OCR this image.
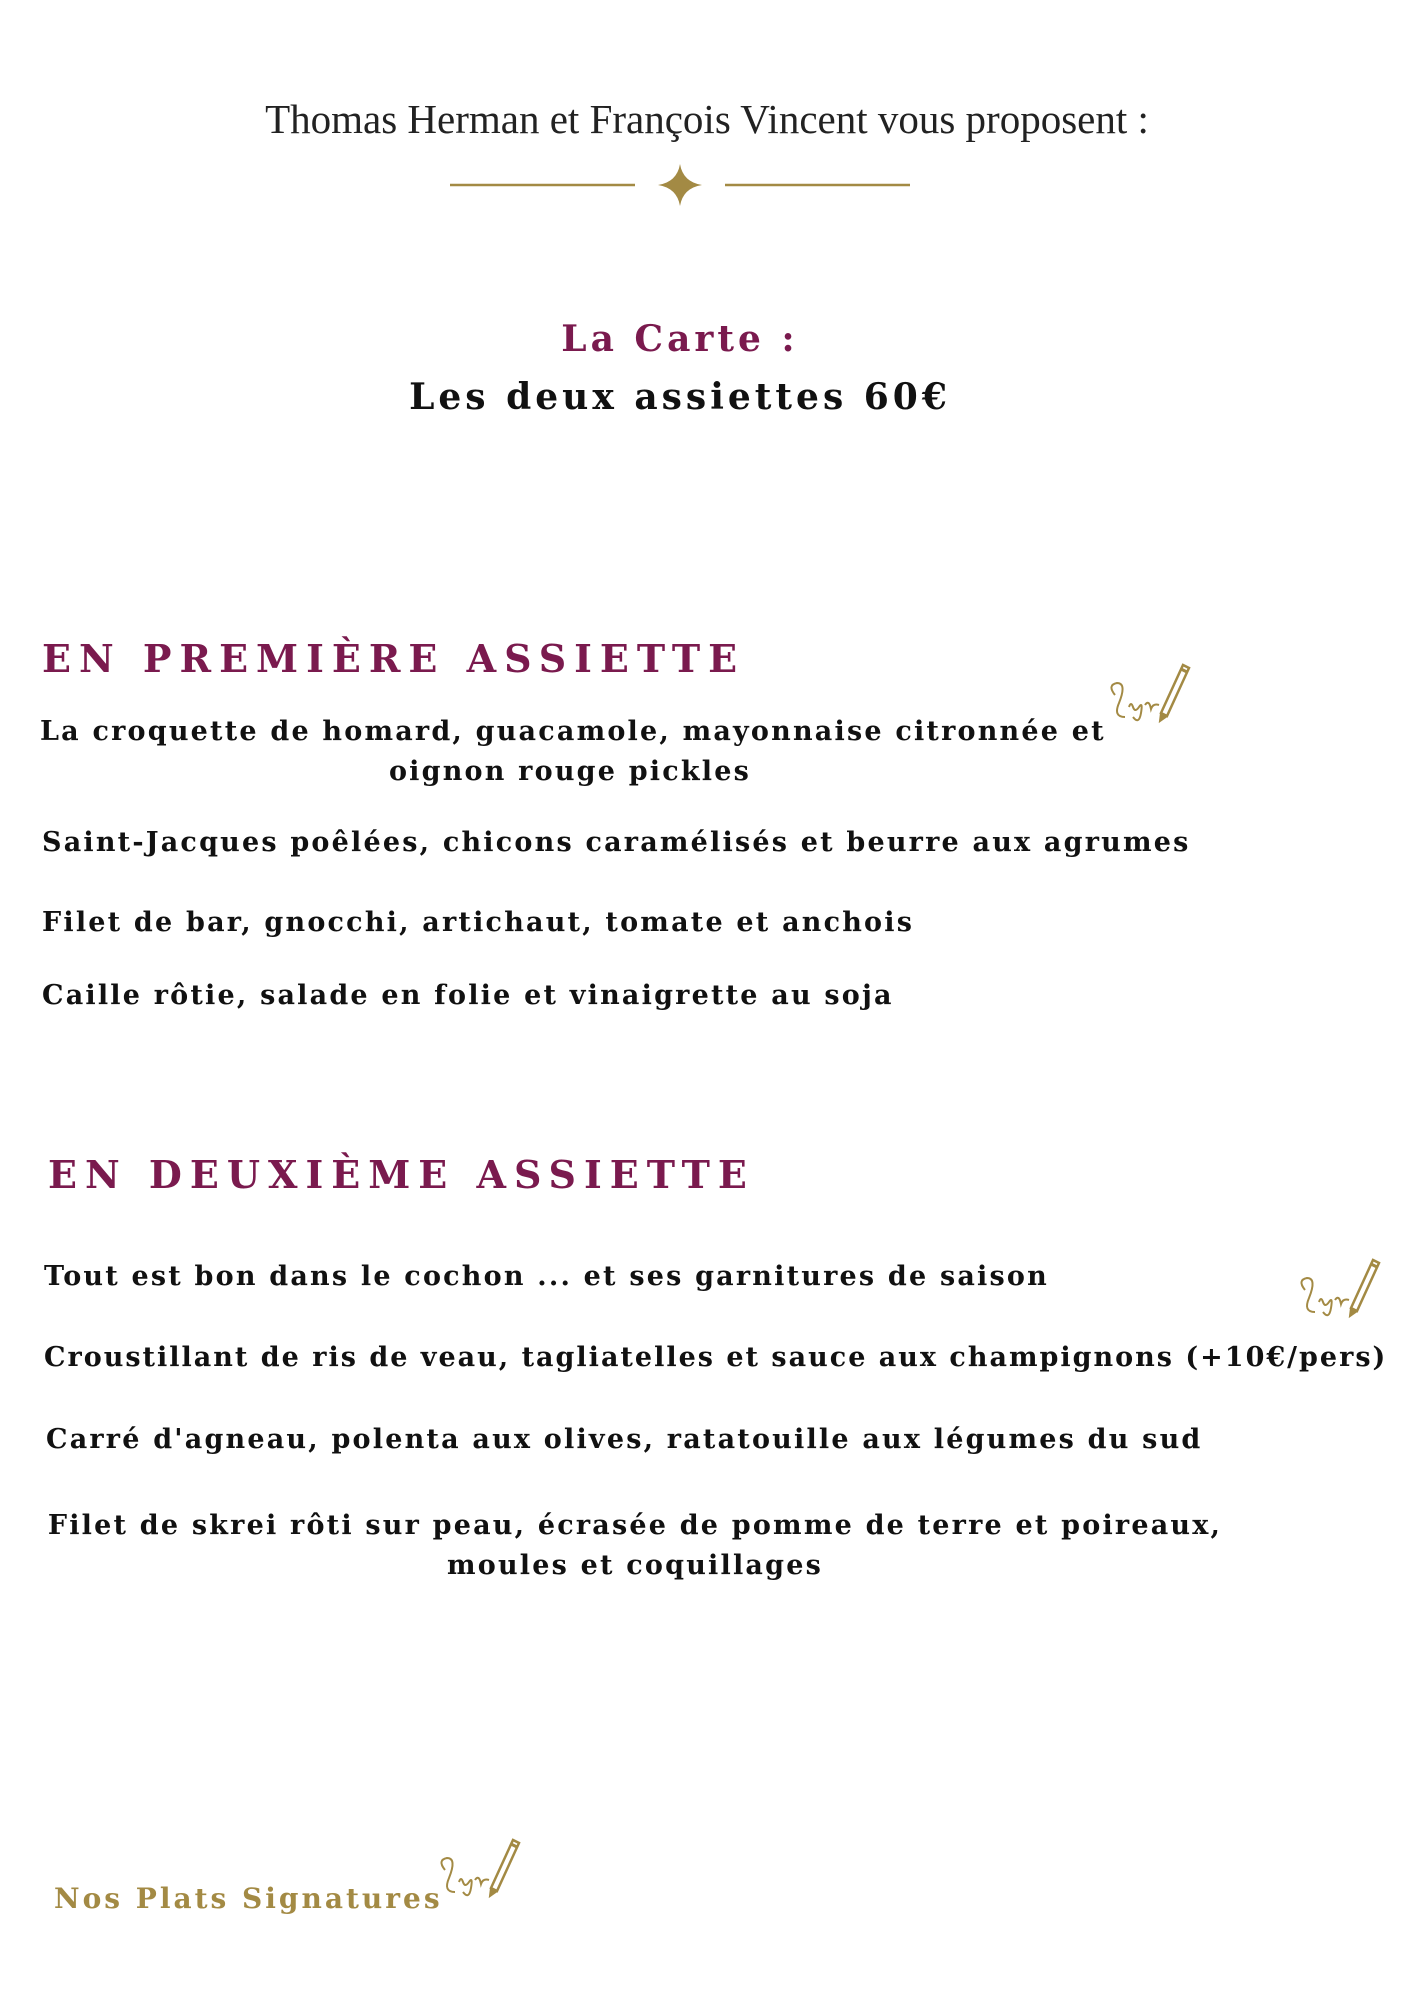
Thomas Herman et François Vincent vous proposent :
La Carte :
Les deux assiettes 60€
EN PREMIÈRE ASSIETTE
La croquette de homard, guacamole, mayonnaise citronnée et
oignon rouge pickles
Saint-Jacques poêlées, chicons caramélisés et beurre aux agrumes
Filet de bar, gnocchi, artichaut, tomate et anchois
Caille rôtie, salade en folie et vinaigrette au soja
EN DEUXIÈME ASSIETTE
Tout est bon dans le cochon ... et ses garnitures de saison
Croustillant de ris de veau, tagliatelles et sauce aux champignons (+10€/pers)
Carré d'agneau, polenta aux olives, ratatouille aux légumes du sud
Filet de skrei rôti sur peau, écrasée de pomme de terre et poireaux,
moules et coquillages
Nos Plats Signatures
